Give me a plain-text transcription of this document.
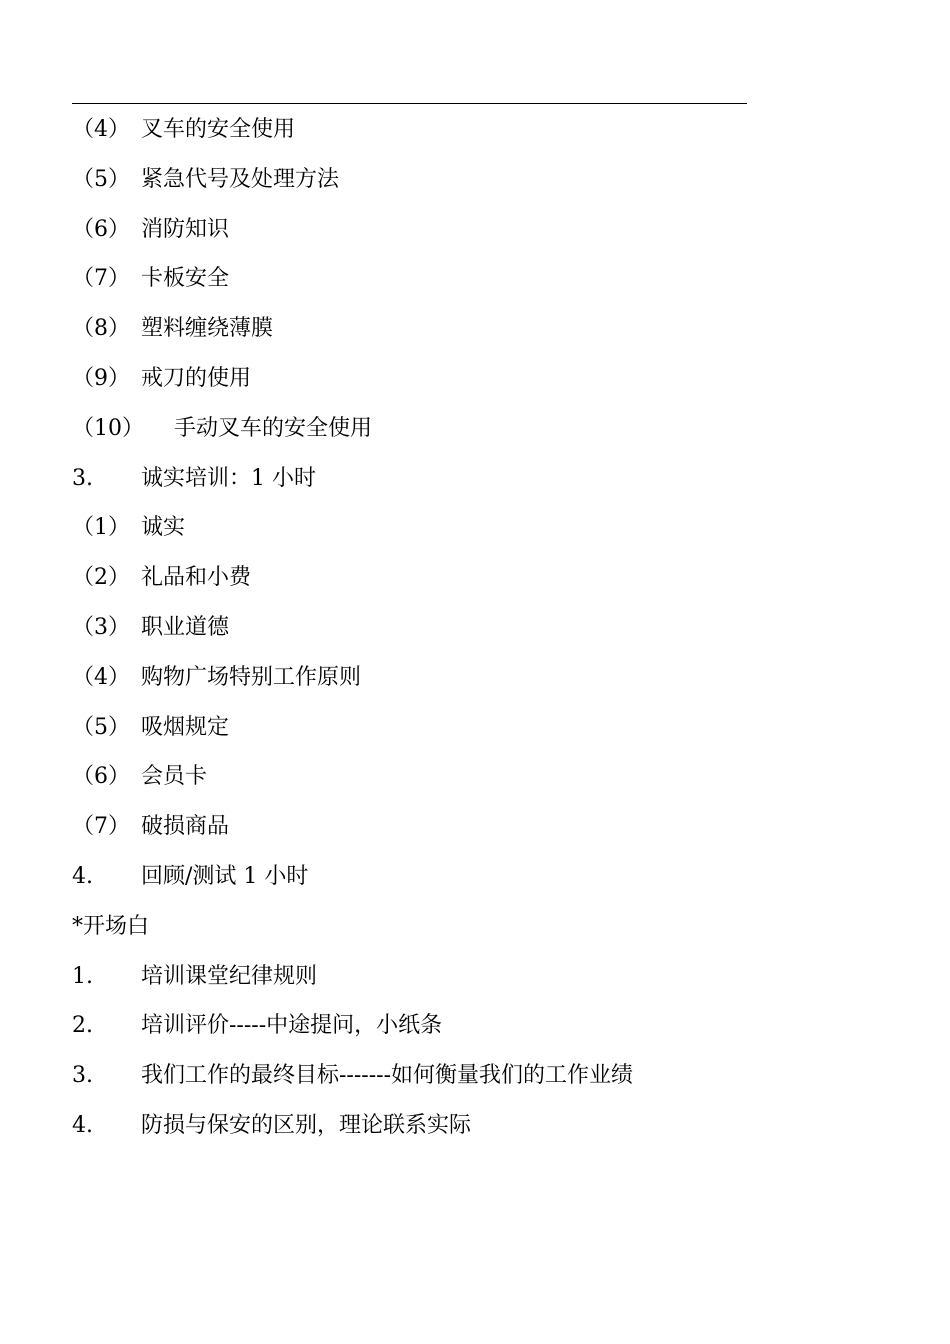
（4） 叉车的安全使用
（5） 紧急代号及处理方法
（6） 消防知识
（7） 卡板安全
（8） 塑料缠绕薄膜
（9） 戒刀的使用
（10） 手动叉车的安全使用
3. 诚实培训：1 小时
（1） 诚实
（2） 礼品和小费
（3） 职业道德
（4） 购物广场特别工作原则
（5） 吸烟规定
（6） 会员卡
（7） 破损商品
4. 回顾/测试 1 小时
*开场白
1. 培训课堂纪律规则
2. 培训评价-----中途提问，小纸条
3. 我们工作的最终目标-------如何衡量我们的工作业绩
4. 防损与保安的区别，理论联系实际
